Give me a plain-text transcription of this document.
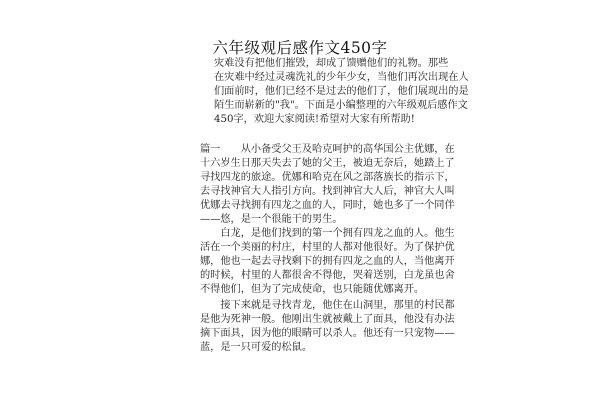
六年级观后感作文450字
灾难没有把他们摧毁，却成了馈赠他们的礼物。那些
在灾难中经过灵魂洗礼的少年少女，当他们再次出现在人
们面前时，他们已经不是过去的他们了，他们展现出的是
陌生而崭新的"我"。下面是小编整理的六年级观后感作文
450字，欢迎大家阅读!希望对大家有所帮助!
篇一　　从小备受父王及哈克呵护的高华国公主优娜，在
十六岁生日那天失去了她的父王，被迫无奈后，她踏上了
寻找四龙的旅途。优娜和哈克在风之部落族长的指示下，
去寻找神官大人指引方向。找到神官大人后，神官大人叫
优娜去寻找拥有四龙之血的人，同时，她也多了一个同伴
——悠，是一个很能干的男生。
　　白龙，是他们找到的第一个拥有四龙之血的人。他生
活在一个美丽的村庄，村里的人都对他很好。为了保护优
娜，他也一起去寻找剩下的拥有四龙之血的人，当他离开
的时候，村里的人都很舍不得他，哭着送别，白龙虽也舍
不得他们，但为了完成使命，也只能随优娜离开。
　　接下来就是寻找青龙，他住在山洞里，那里的村民都
是他为死神一般。他刚出生就被戴上了面具，他没有办法
摘下面具，因为他的眼睛可以杀人。他还有一只宠物——
蓝，是一只可爱的松鼠。
